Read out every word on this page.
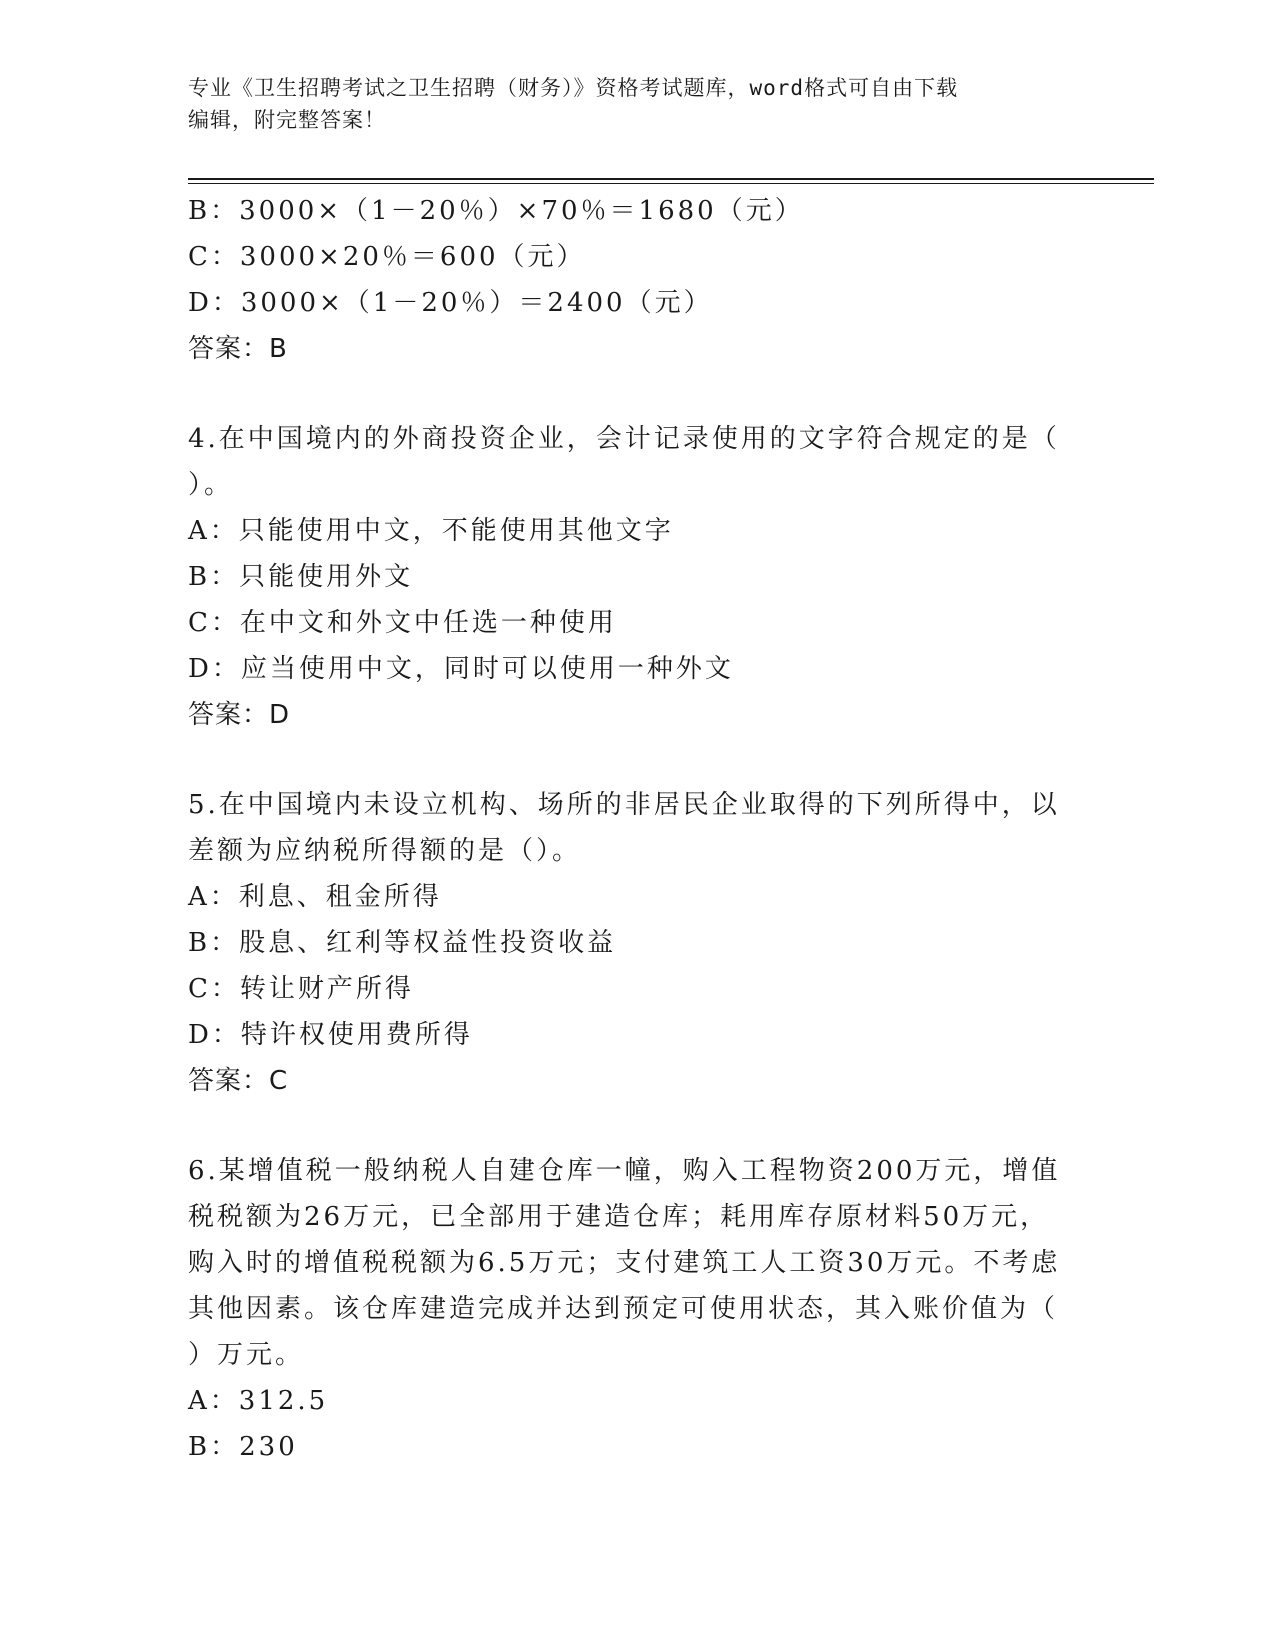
专业《卫生招聘考试之卫生招聘（财务）》资格考试题库，word格式可自由下载

编辑，附完整答案！

B：3000×（1－20％）×70％＝1680（元）

C：3000×20％＝600（元）

D：3000×（1－20％）＝2400（元）

答案：B

4.在中国境内的外商投资企业，会计记录使用的文字符合规定的是（

）。

A：只能使用中文，不能使用其他文字

B：只能使用外文

C：在中文和外文中任选一种使用

D：应当使用中文，同时可以使用一种外文

答案：D

5.在中国境内未设立机构、场所的非居民企业取得的下列所得中，以

差额为应纳税所得额的是（）。

A：利息、租金所得

B：股息、红利等权益性投资收益

C：转让财产所得

D：特许权使用费所得

答案：C

6.某增值税一般纳税人自建仓库一幢，购入工程物资200万元，增值

税税额为26万元，已全部用于建造仓库；耗用库存原材料50万元，

购入时的增值税税额为6.5万元；支付建筑工人工资30万元。不考虑

其他因素。该仓库建造完成并达到预定可使用状态，其入账价值为（

）万元。

A：312.5

B：230
